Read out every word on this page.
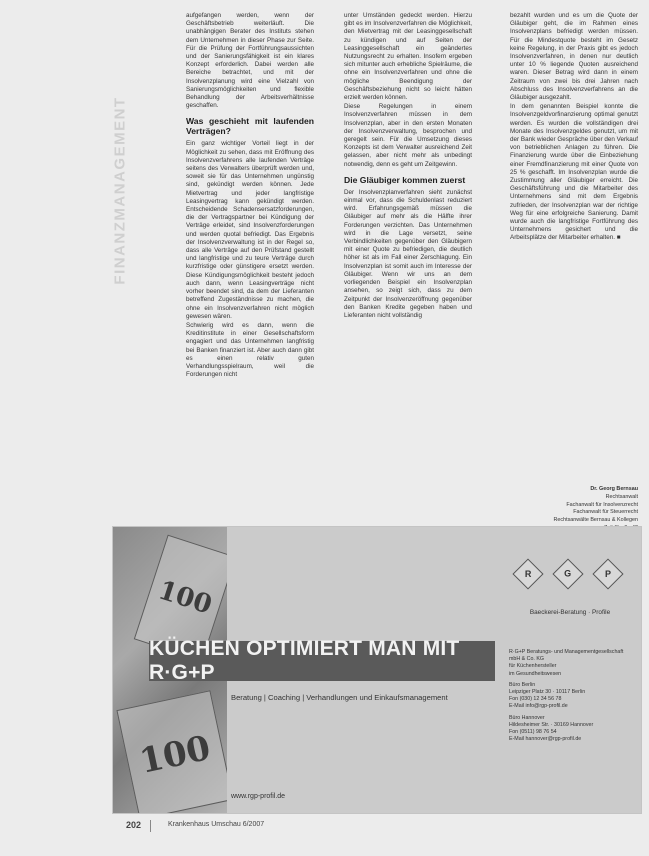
FINANZMANAGEMENT

aufgefangen werden, wenn der Geschäftsbetrieb weiterläuft. Die unabhängigen Berater des Instituts stehen dem Unternehmen in dieser Phase zur Seite. Für die Prüfung der Fortführungsaussichten und der Sanierungsfähigkeit ist ein klares Konzept erforderlich. Dabei werden alle Bereiche betrachtet, und mit der Insolvenzplanung wird eine Vielzahl von Sanierungsmöglichkeiten und flexible Behandlung der Arbeitsverhältnisse geschaffen.

Was geschieht mit laufenden Verträgen?

Ein ganz wichtiger Vorteil liegt in der Möglichkeit zu sehen, dass mit Eröffnung des Insolvenzverfahrens alle laufenden Verträge seitens des Verwalters überprüft werden und, soweit sie für das Unternehmen ungünstig sind, gekündigt werden können. Jede Mietvertrag und jeder langfristige Leasingvertrag kann gekündigt werden. Entscheidende Schadensersatzforderungen, die der Vertragspartner bei Kündigung der Verträge erleidet, sind Insolvenzforderungen und werden quotal befriedigt. Das Ergebnis der Insolvenzverwaltung ist in der Regel so, dass alle Verträge auf den Prüfstand gestellt und langfristige und zu teure Verträge durch kurzfristige oder günstigere ersetzt werden. Diese Kündigungsmöglichkeit besteht jedoch auch dann, wenn Leasingverträge nicht vorher beendet sind, da dem der Lieferanten betreffend Zugeständnisse zu machen, die ohne ein Insolvenzverfahren nicht möglich gewesen wären.

Schwierig wird es dann, wenn die Kreditinstitute in einer Gesellschaftsform engagiert und das Unternehmen langfristig bei Banken finanziert ist. Aber auch dann gibt es einen relativ guten Verhandlungsspielraum, weil die Forderungen nicht

unter Umständen gedeckt werden. Hierzu gibt es im Insolvenzverfahren die Möglichkeit, den Mietvertrag mit der Leasinggesellschaft zu kündigen und auf Seiten der Leasinggesellschaft ein geändertes Nutzungsrecht zu erhalten. Insofern ergeben sich mitunter auch erhebliche Spielräume, die ohne ein Insolvenzverfahren und ohne die mögliche Beendigung der Geschäftsbeziehung nicht so leicht hätten erzielt werden können.

Diese Regelungen in einem Insolvenzverfahren müssen in dem Insolvenzplan, aber in den ersten Monaten der Insolvenzverwaltung, besprochen und geregelt sein. Für die Umsetzung dieses Konzepts ist dem Verwalter ausreichend Zeit gelassen, aber nicht mehr als unbedingt notwendig, denn es geht um Zeitgewinn.

Die Gläubiger kommen zuerst

Der Insolvenzplanverfahren sieht zunächst einmal vor, dass die Schuldenlast reduziert wird. Erfahrungsgemäß müssen die Gläubiger auf mehr als die Hälfte ihrer Forderungen verzichten. Das Unternehmen wird in die Lage versetzt, seine Verbindlichkeiten gegenüber den Gläubigern mit einer Quote zu befriedigen, die deutlich höher ist als im Fall einer Zerschlagung. Ein Insolvenzplan ist somit auch im Interesse der Gläubiger. Wenn wir uns an dem vorliegenden Beispiel ein Insolvenzplan ansehen, so zeigt sich, dass zu dem Zeitpunkt der Insolvenzeröffnung gegenüber den Banken Kredite gegeben haben und Lieferanten nicht vollständig

bezahlt wurden und es um die Quote der Gläubiger geht, die im Rahmen eines Insolvenzplans befriedigt werden müssen. Für die Mindestquote besteht im Gesetz keine Regelung, in der Praxis gibt es jedoch Insolvenzverfahren, in denen nur deutlich unter 10 % liegende Quoten ausreichend waren. Dieser Betrag wird dann in einem Zeitraum von zwei bis drei Jahren nach Abschluss des Insolvenzverfahrens an die Gläubiger ausgezahlt.

In dem genannten Beispiel konnte die Insolvenzgeldvorfinanzierung optimal genutzt werden. Es wurden die vollständigen drei Monate des Insolvenzgeldes genutzt, um mit der Bank wieder Gespräche über den Verkauf von betrieblichen Anlagen zu führen. Die Finanzierung wurde über die Einbeziehung einer Fremdfinanzierung mit einer Quote von 25 % geschafft. Im Insolvenzplan wurde die Zustimmung aller Gläubiger erreicht. Die Geschäftsführung und die Mitarbeiter des Unternehmens sind mit dem Ergebnis zufrieden, der Insolvenzplan war der richtige Weg für eine erfolgreiche Sanierung. Damit wurde auch die langfristige Fortführung des Unternehmens gesichert und die Arbeitsplätze der Mitarbeiter erhalten. ■

Dr. Georg Bernsau
Rechtsanwalt
Fachanwalt für Insolvenzrecht
Fachanwalt für Steuerrecht
Rechtsanwälte Bernsau & Kollegen
100
100
KÜCHEN OPTIMIERT MAN MIT R·G+P
Beratung | Coaching | Verhandlungen und Einkaufsmanagement
www.rgp-profil.de
R	G	P
Baeckerei-Beratung · Profile

R·G+P Beratungs- und Managementgesellschaft
mbH & Co. KG
für Küchenhersteller
im Gesundheitswesen

Büro Berlin
Leipziger Platz 30 · 10117 Berlin
Fon (030) 12 34 56 78
E-Mail info@rgp-profil.de

Büro Hannover
Hildesheimer Str. · 30169 Hannover
Fon (0511) 98 76 54
E-Mail hannover@rgp-profil.de

202	Krankenhaus Umschau 6/2007
